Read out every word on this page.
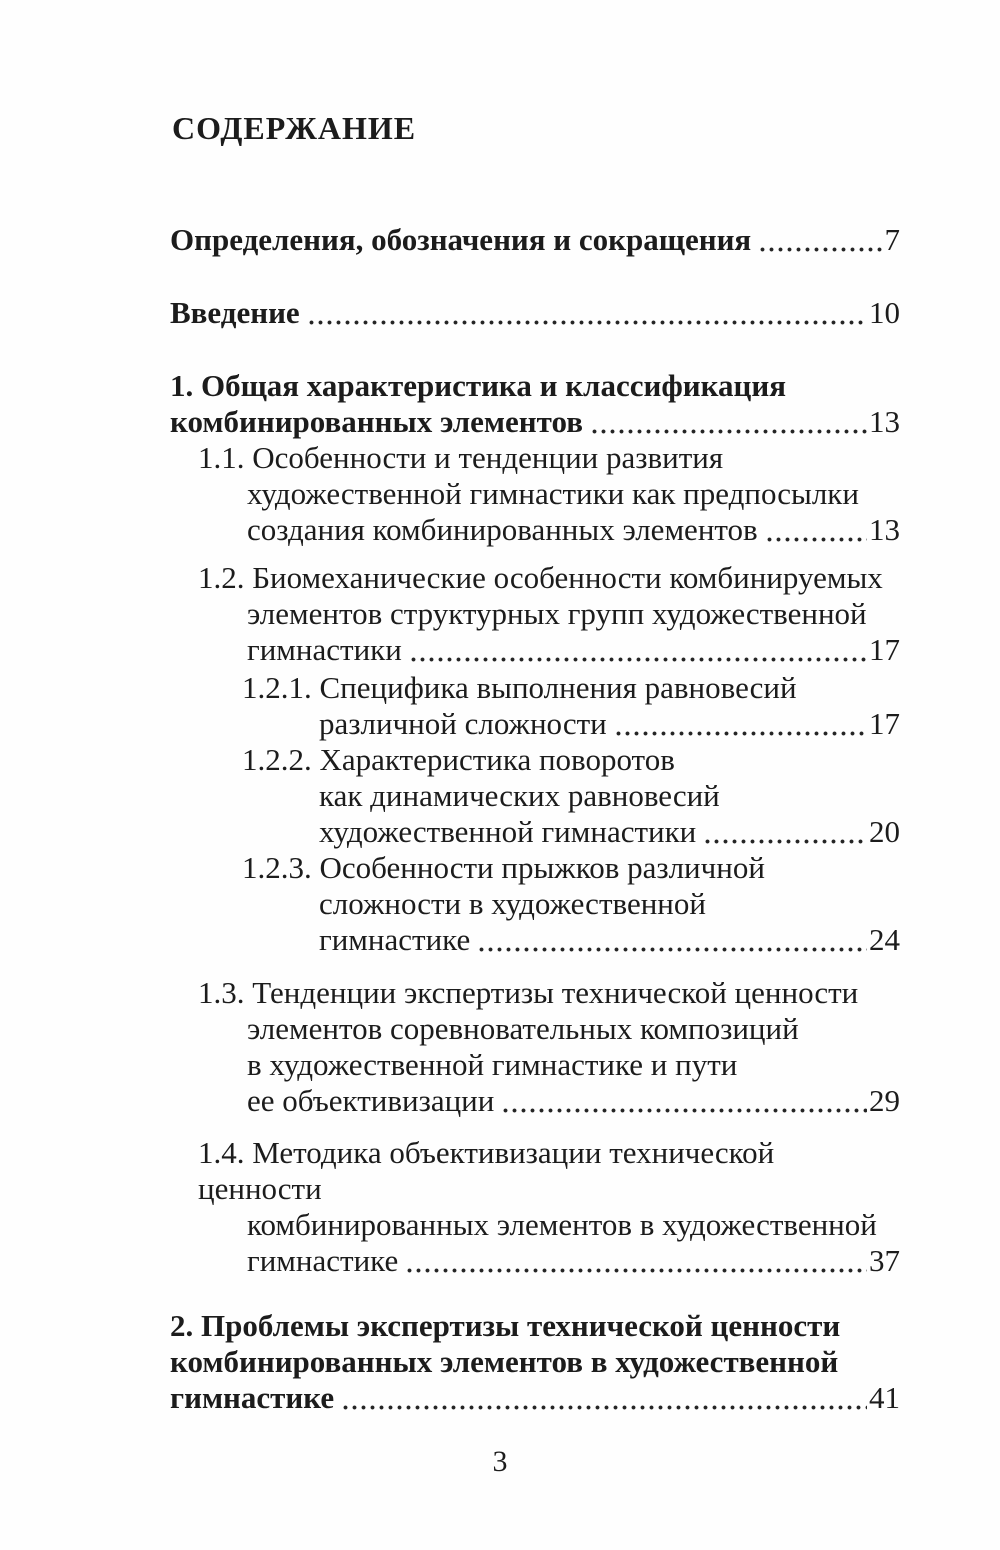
СОДЕРЖАНИЕ
Определения, обозначения и сокращения	7
Введение	10
1. Общая характеристика и классификация
комбинированных элементов	13
1.1. Особенности и тенденции развития
художественной гимнастики как предпосылки
создания комбинированных элементов	13
1.2. Биомеханические особенности комбинируемых
элементов структурных групп художественной
гимнастики	17
1.2.1. Специфика выполнения равновесий
различной сложности	17
1.2.2. Характеристика поворотов
как динамических равновесий
художественной гимнастики	20
1.2.3. Особенности прыжков различной
сложности в художественной
гимнастике	24
1.3. Тенденции экспертизы технической ценности
элементов соревновательных композиций
в художественной гимнастике и пути
ее объективизации	29
1.4. Методика объективизации технической ценности
комбинированных элементов в художественной
гимнастике	37
2. Проблемы экспертизы технической ценности
комбинированных элементов в художественной
гимнастике	41
3
